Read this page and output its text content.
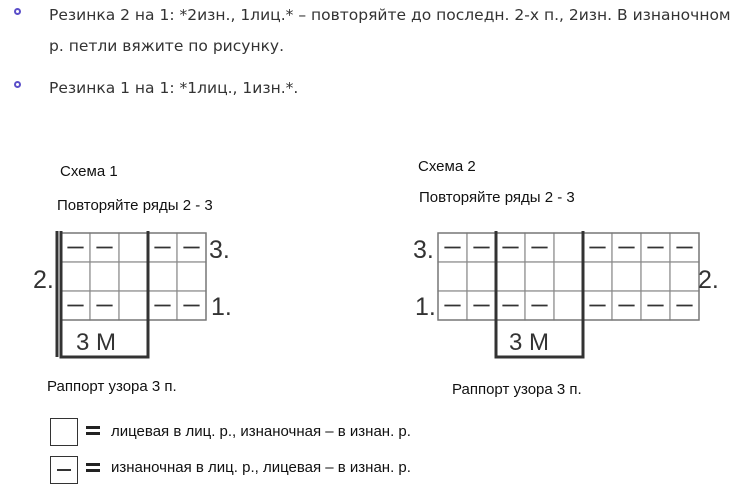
Резинка 2 на 1: *2изн., 1лиц.* – повторяйте до последн. 2-х п., 2изн. В изнаночном р. петли вяжите по рисунку.
Резинка 1 на 1: *1лиц., 1изн.*.
Схема 1
Повторяйте ряды 2 - 3
Раппорт узора 3 п.
Схема 2
Повторяйте ряды 2 - 3
Раппорт узора 3 п.
3.
2.
1.
3 М
3.
2.
1.
3 М
лицевая в лиц. р., изнаночная – в изнан. р.
изнаночная в лиц. р., лицевая – в изнан. р.
